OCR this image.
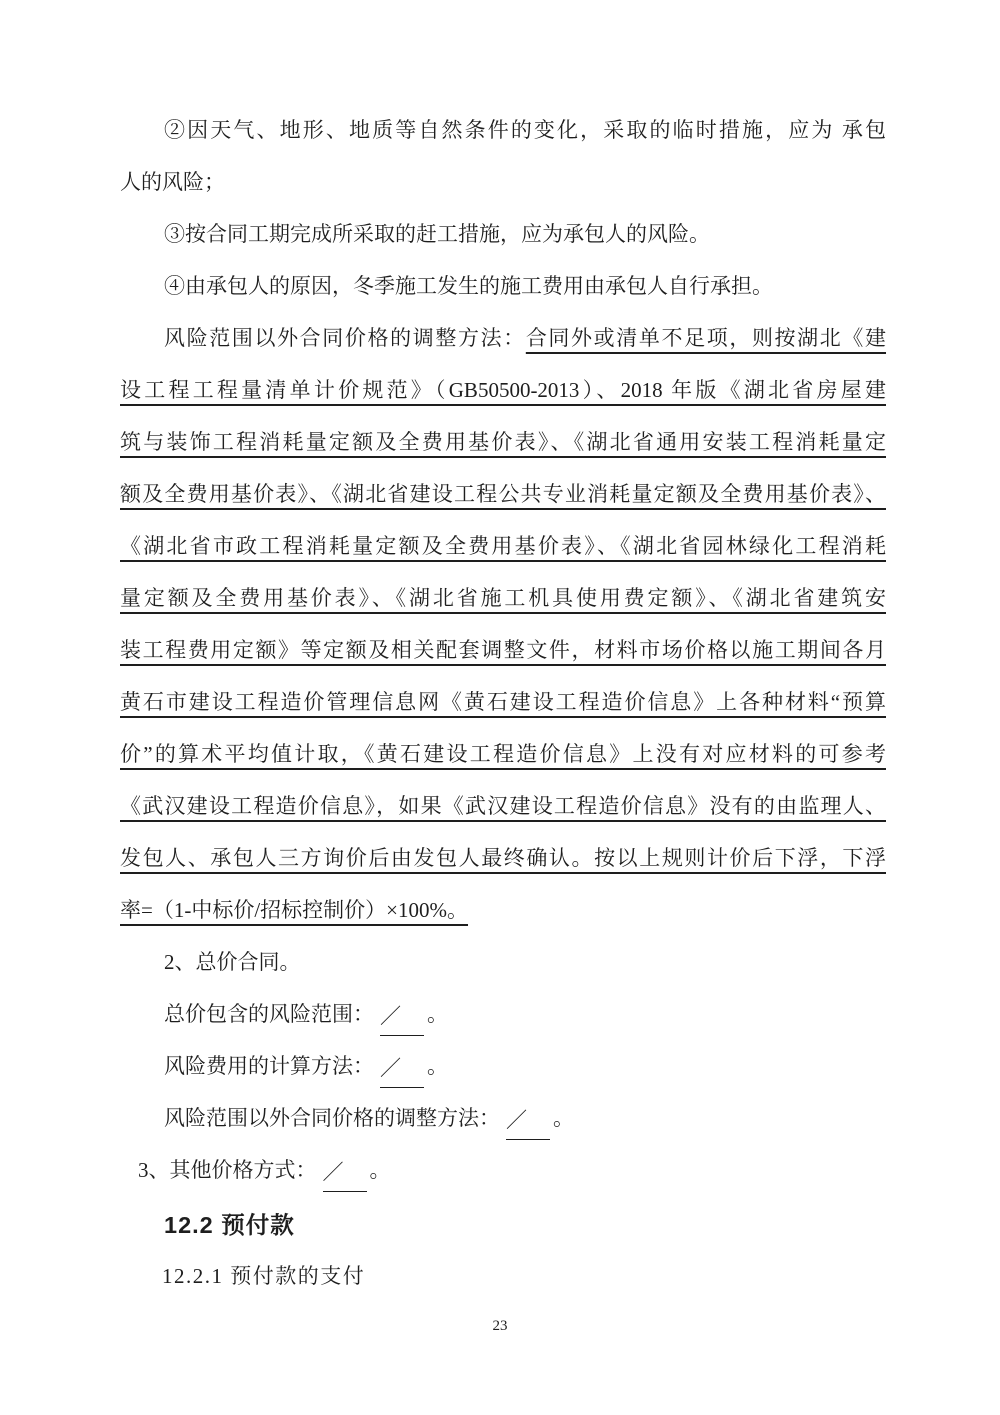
②因天气、地形、地质等自然条件的变化，采取的临时措施，应为 承包
人的风险；
③按合同工期完成所采取的赶工措施，应为承包人的风险。
④由承包人的原因，冬季施工发生的施工费用由承包人自行承担。
风险范围以外合同价格的调整方法：合同外或清单不足项，则按湖北《建
设工程工程量清单计价规范》（GB50500-2013）、2018 年版《湖北省房屋建
筑与装饰工程消耗量定额及全费用基价表》、《湖北省通用安装工程消耗量定
额及全费用基价表》、《湖北省建设工程公共专业消耗量定额及全费用基价表》、
《湖北省市政工程消耗量定额及全费用基价表》、《湖北省园林绿化工程消耗
量定额及全费用基价表》、《湖北省施工机具使用费定额》、《湖北省建筑安
装工程费用定额》等定额及相关配套调整文件，材料市场价格以施工期间各月
黄石市建设工程造价管理信息网《黄石建设工程造价信息》上各种材料“预算
价”的算术平均值计取，《黄石建设工程造价信息》上没有对应材料的可参考
《武汉建设工程造价信息》，如果《武汉建设工程造价信息》没有的由监理人、
发包人、承包人三方询价后由发包人最终确认。按以上规则计价后下浮，下浮
率=（1-中标价/招标控制价）×100%。
2、总价合同。
总价包含的风险范围： ／ 。
风险费用的计算方法： ／ 。
风险范围以外合同价格的调整方法： ／ 。
3、其他价格方式： ／ 。
12.2 预付款
12.2.1 预付款的支付
23
